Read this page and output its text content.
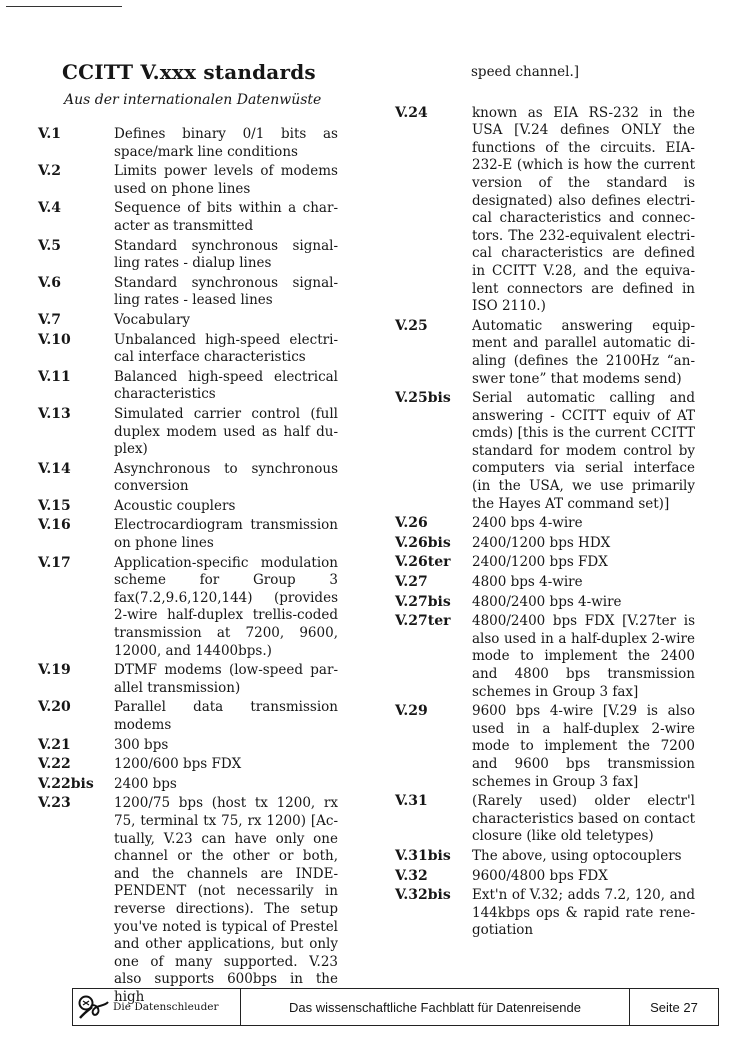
CCITT V.xxx standards
Aus der internationalen Datenwüste
V.1	Defines binary 0/1 bits as space/mark line conditions
V.2	Limits power levels of modems used on phone lines
V.4	Sequence of bits within a character as transmitted
V.5	Standard synchronous signalling rates - dialup lines
V.6	Standard synchronous signalling rates - leased lines
V.7	Vocabulary
V.10	Unbalanced high-speed electrical interface characteristics
V.11	Balanced high-speed electrical characteristics
V.13	Simulated carrier control (full duplex modem used as half duplex)
V.14	Asynchronous to synchronous conversion
V.15	Acoustic couplers
V.16	Electrocardiogram transmission on phone lines
V.17	Application-specific modulation scheme for Group 3 fax(7.2,9.6,120,144) (provides 2-wire half-duplex trellis-coded transmission at 7200, 9600, 12000, and 14400bps.)
V.19	DTMF modems (low-speed parallel transmission)
V.20	Parallel data transmission modems
V.21	300 bps
V.22	1200/600 bps FDX
V.22bis	2400 bps
V.23	1200/75 bps (host tx 1200, rx 75, terminal tx 75, rx 1200) [Actually, V.23 can have only one channel or the other or both, and the channels are INDEPENDENT (not necessarily in reverse directions). The setup you've noted is typical of Prestel and other applications, but only one of many supported. V.23 also supports 600bps in the high
speed channel.]
V.24	known as EIA RS-232 in the USA [V.24 defines ONLY the functions of the circuits. EIA-232-E (which is how the current version of the standard is designated) also defines electrical characteristics and connectors. The 232-equivalent electrical characteristics are defined in CCITT V.28, and the equivalent connectors are defined in ISO 2110.)
V.25	Automatic answering equipment and parallel automatic dialing (defines the 2100Hz “answer tone” that modems send)
V.25bis	Serial automatic calling and answering - CCITT equiv of AT cmds) [this is the current CCITT standard for modem control by computers via serial interface (in the USA, we use primarily the Hayes AT command set)]
V.26	2400 bps 4-wire
V.26bis	2400/1200 bps HDX
V.26ter	2400/1200 bps FDX
V.27	4800 bps 4-wire
V.27bis	4800/2400 bps 4-wire
V.27ter	4800/2400 bps FDX [V.27ter is also used in a half-duplex 2-wire mode to implement the 2400 and 4800 bps transmission schemes in Group 3 fax]
V.29	9600 bps 4-wire [V.29 is also used in a half-duplex 2-wire mode to implement the 7200 and 9600 bps transmission schemes in Group 3 fax]
V.31	(Rarely used) older electr'l characteristics based on contact closure (like old teletypes)
V.31bis	The above, using optocouplers
V.32	9600/4800 bps FDX
V.32bis	Ext'n of V.32; adds 7.2, 120, and 144kbps ops & rapid rate renegotiation
Die Datenschleuder	Das wissenschaftliche Fachblatt für Datenreisende	Seite 27
